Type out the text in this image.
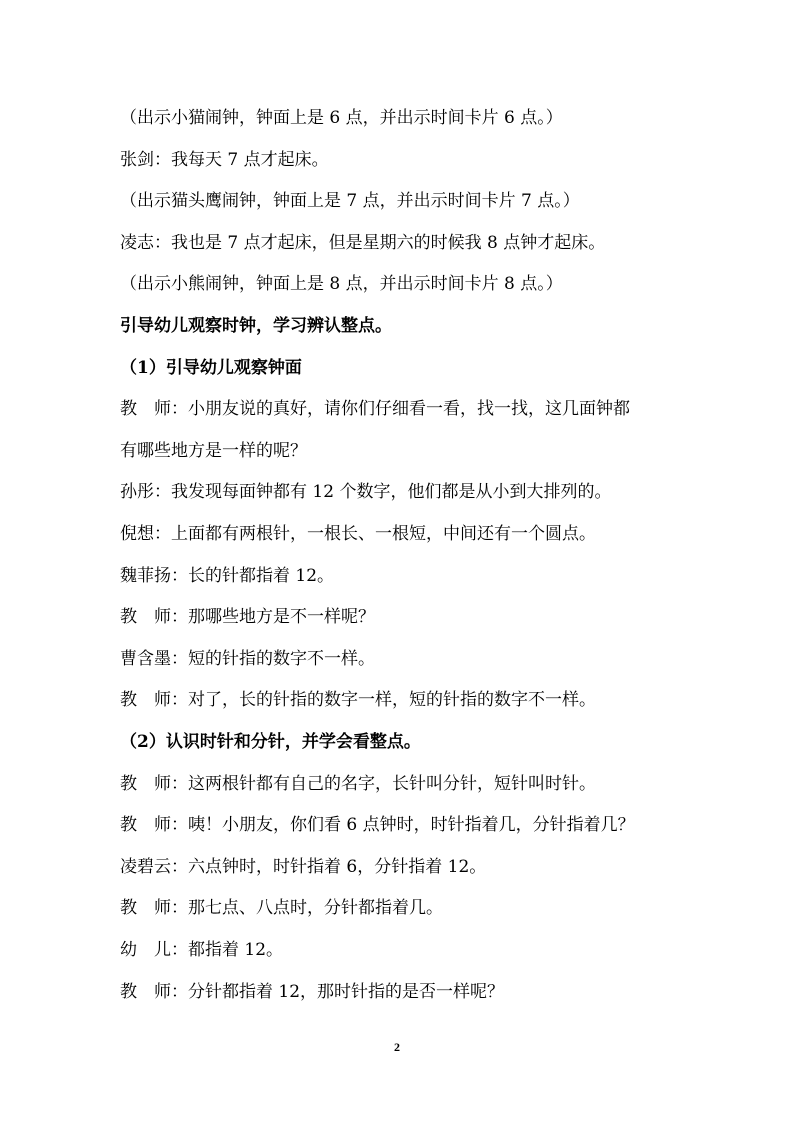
（出示小猫闹钟，钟面上是 6 点，并出示时间卡片 6 点。）
张剑：我每天 7 点才起床。
（出示猫头鹰闹钟，钟面上是 7 点，并出示时间卡片 7 点。）
凌志：我也是 7 点才起床，但是星期六的时候我 8 点钟才起床。
（出示小熊闹钟，钟面上是 8 点，并出示时间卡片 8 点。）
引导幼儿观察时钟，学习辨认整点。
（1）引导幼儿观察钟面
教　师：小朋友说的真好，请你们仔细看一看，找一找，这几面钟都
有哪些地方是一样的呢？
孙彤：我发现每面钟都有 12 个数字，他们都是从小到大排列的。
倪想：上面都有两根针，一根长、一根短，中间还有一个圆点。
魏菲扬：长的针都指着 12。
教　师：那哪些地方是不一样呢？
曹含墨：短的针指的数字不一样。
教　师：对了，长的针指的数字一样，短的针指的数字不一样。
（2）认识时针和分针，并学会看整点。
教　师：这两根针都有自己的名字，长针叫分针，短针叫时针。
教　师：咦！小朋友，你们看 6 点钟时，时针指着几，分针指着几？
凌碧云：六点钟时，时针指着 6，分针指着 12。
教　师：那七点、八点时，分针都指着几。
幼　儿：都指着 12。
教　师：分针都指着 12，那时针指的是否一样呢？
2
